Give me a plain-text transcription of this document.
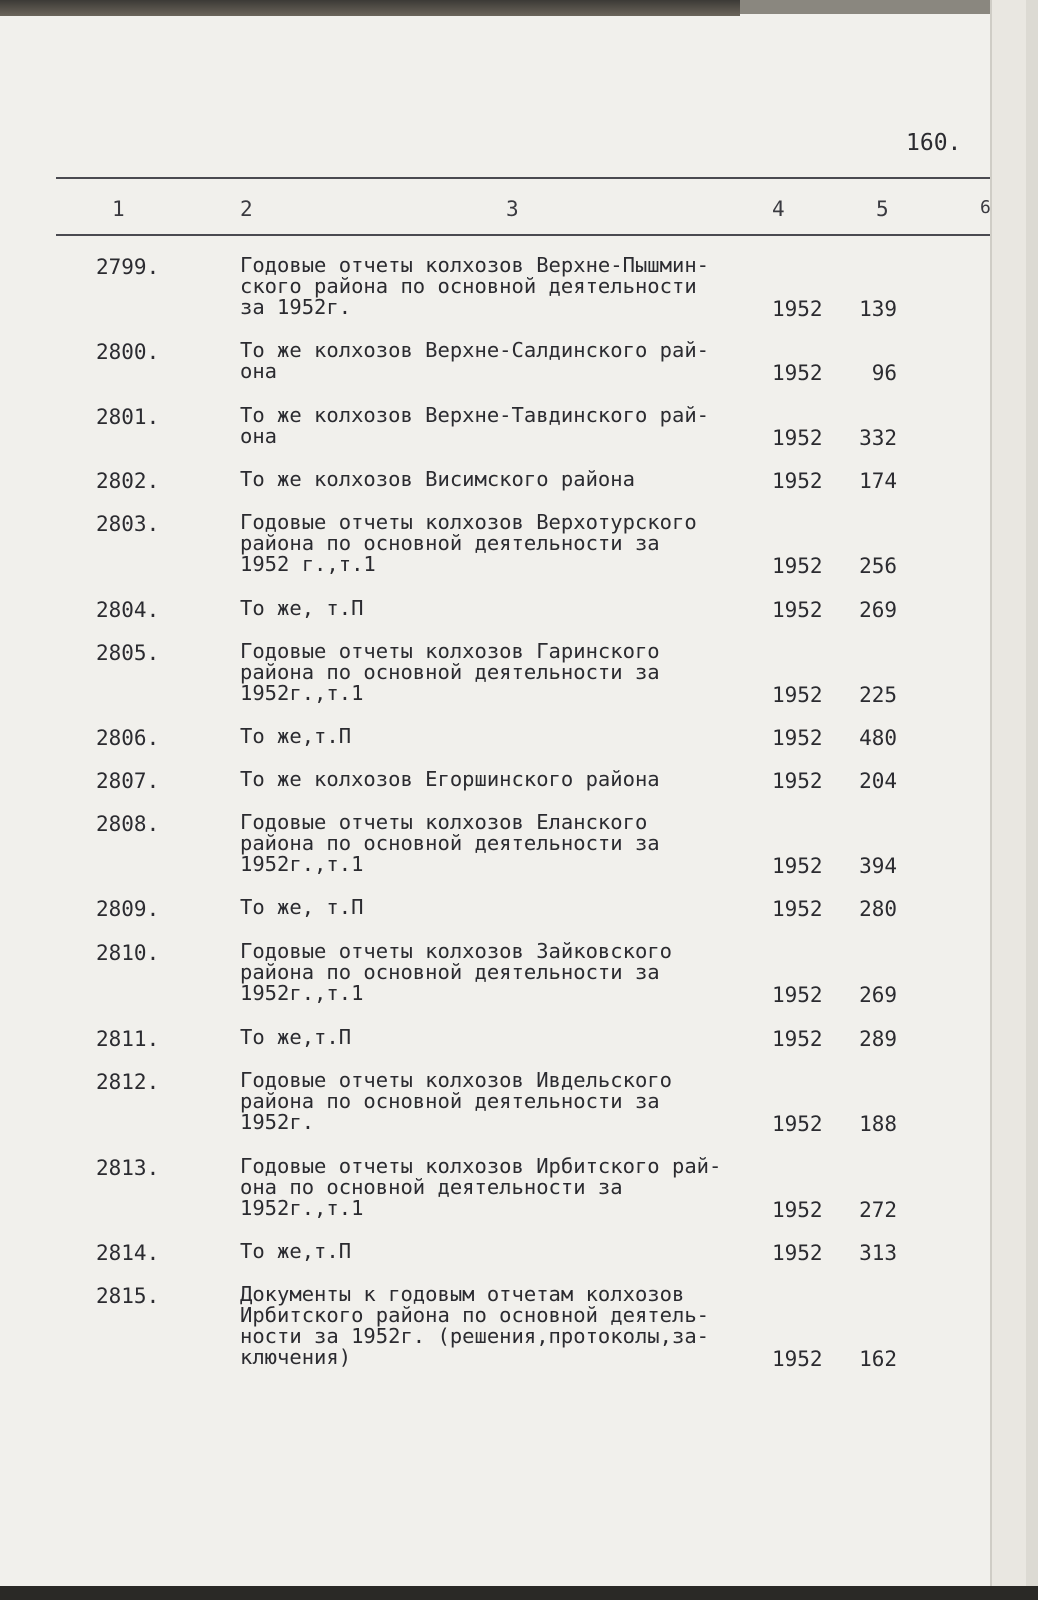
160.
1	2	3	4	5	6
2799.	Годовые отчеты колхозов Верхне-Пышмин-
ского района по основной деятельности
за 1952г.	1952 139
2800.	То же колхозов Верхне-Салдинского рай-
она	1952 96
2801.	То же колхозов Верхне-Тавдинского рай-
она	1952 332
2802.	То же колхозов Висимского района	1952 174
2803.	Годовые отчеты колхозов Верхотурского
района по основной деятельности за
1952 г.,т.1	1952 256
2804.	То же, т.П	1952 269
2805.	Годовые отчеты колхозов Гаринского
района по основной деятельности за
1952г.,т.1	1952 225
2806.	То же,т.П	1952 480
2807.	То же колхозов Егоршинского района	1952 204
2808.	Годовые отчеты колхозов Еланского
района по основной деятельности за
1952г.,т.1	1952 394
2809.	То же, т.П	1952 280
2810.	Годовые отчеты колхозов Зайковского
района по основной деятельности за
1952г.,т.1	1952 269
2811.	То же,т.П	1952 289
2812.	Годовые отчеты колхозов Ивдельского
района по основной деятельности за
1952г.	1952 188
2813.	Годовые отчеты колхозов Ирбитского рай-
она по основной деятельности за
1952г.,т.1	1952 272
2814.	То же,т.П	1952 313
2815.	Документы к годовым отчетам колхозов
Ирбитского района по основной деятель-
ности за 1952г. (решения,протоколы,за-
ключения)	1952 162
